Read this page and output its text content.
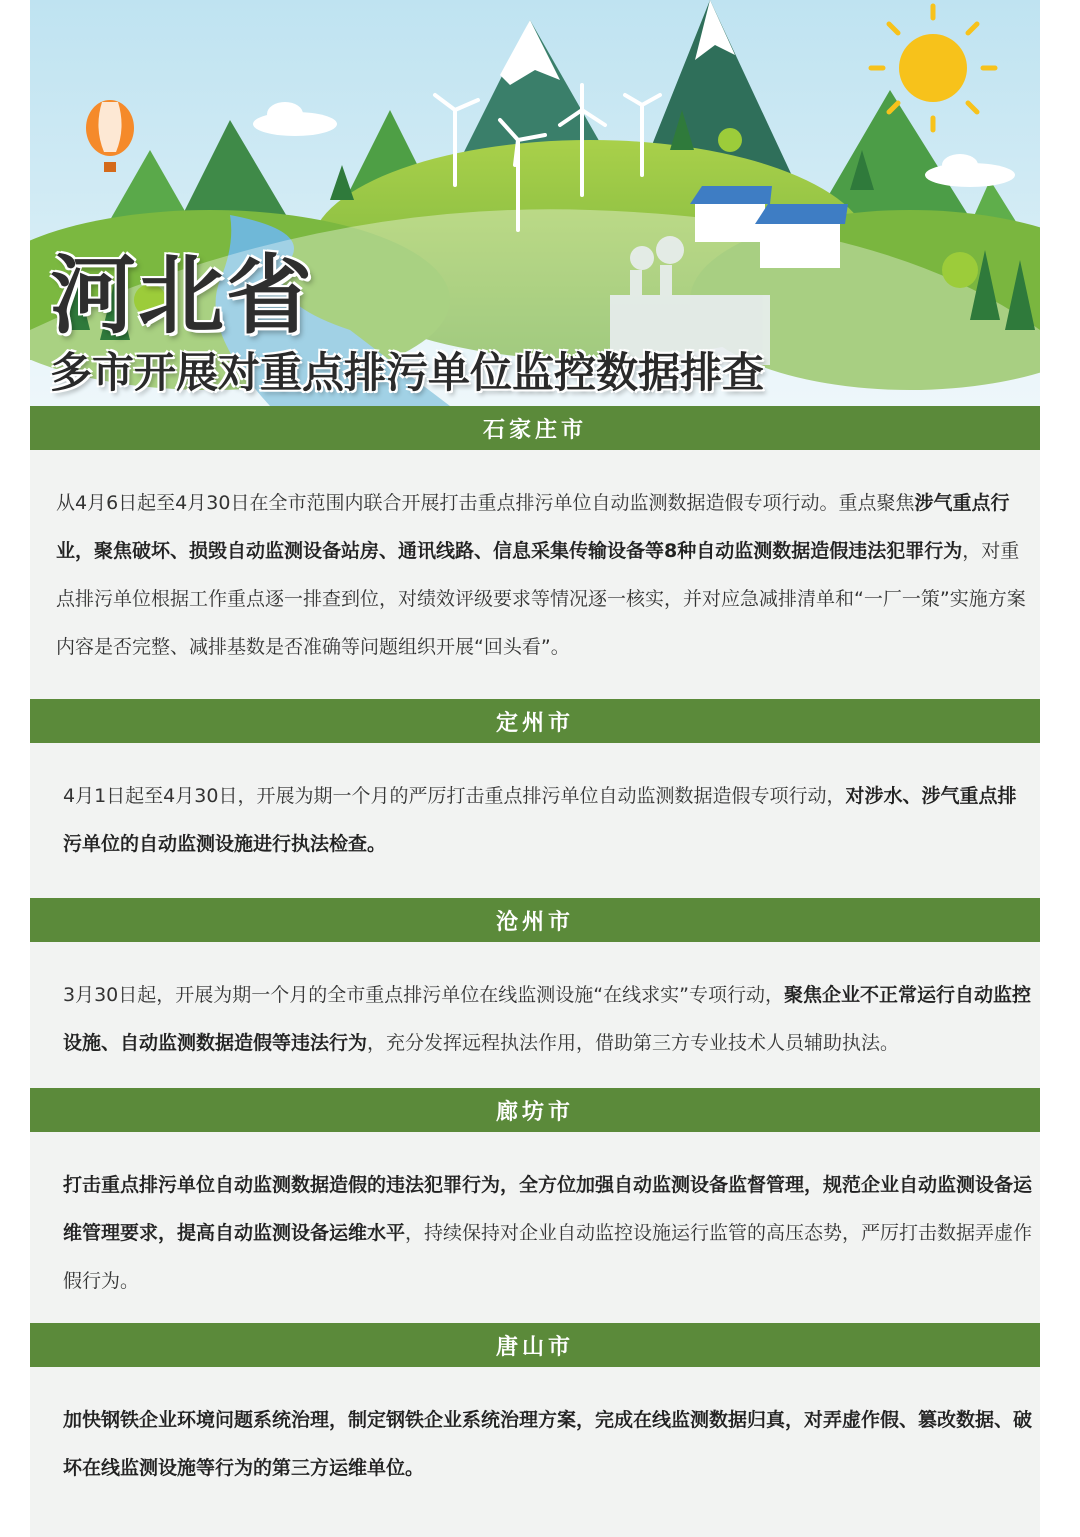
河北省
多市开展对重点排污单位监控数据排查
石家庄市

从4月6日起至4月30日在全市范围内联合开展打击重点排污单位自动监测数据造假专项行动。重点聚焦涉气重点行业，聚焦破坏、损毁自动监测设备站房、通讯线路、信息采集传输设备等8种自动监测数据造假违法犯罪行为，对重点排污单位根据工作重点逐一排查到位，对绩效评级要求等情况逐一核实，并对应急减排清单和“一厂一策”实施方案内容是否完整、减排基数是否准确等问题组织开展“回头看”。

定州市

4月1日起至4月30日，开展为期一个月的严厉打击重点排污单位自动监测数据造假专项行动，对涉水、涉气重点排污单位的自动监测设施进行执法检查。

沧州市

3月30日起，开展为期一个月的全市重点排污单位在线监测设施“在线求实”专项行动，聚焦企业不正常运行自动监控设施、自动监测数据造假等违法行为，充分发挥远程执法作用，借助第三方专业技术人员辅助执法。

廊坊市

打击重点排污单位自动监测数据造假的违法犯罪行为，全方位加强自动监测设备监督管理，规范企业自动监测设备运维管理要求，提高自动监测设备运维水平，持续保持对企业自动监控设施运行监管的高压态势，严厉打击数据弄虚作假行为。

唐山市

加快钢铁企业环境问题系统治理，制定钢铁企业系统治理方案，完成在线监测数据归真，对弄虚作假、篡改数据、破坏在线监测设施等行为的第三方运维单位。
